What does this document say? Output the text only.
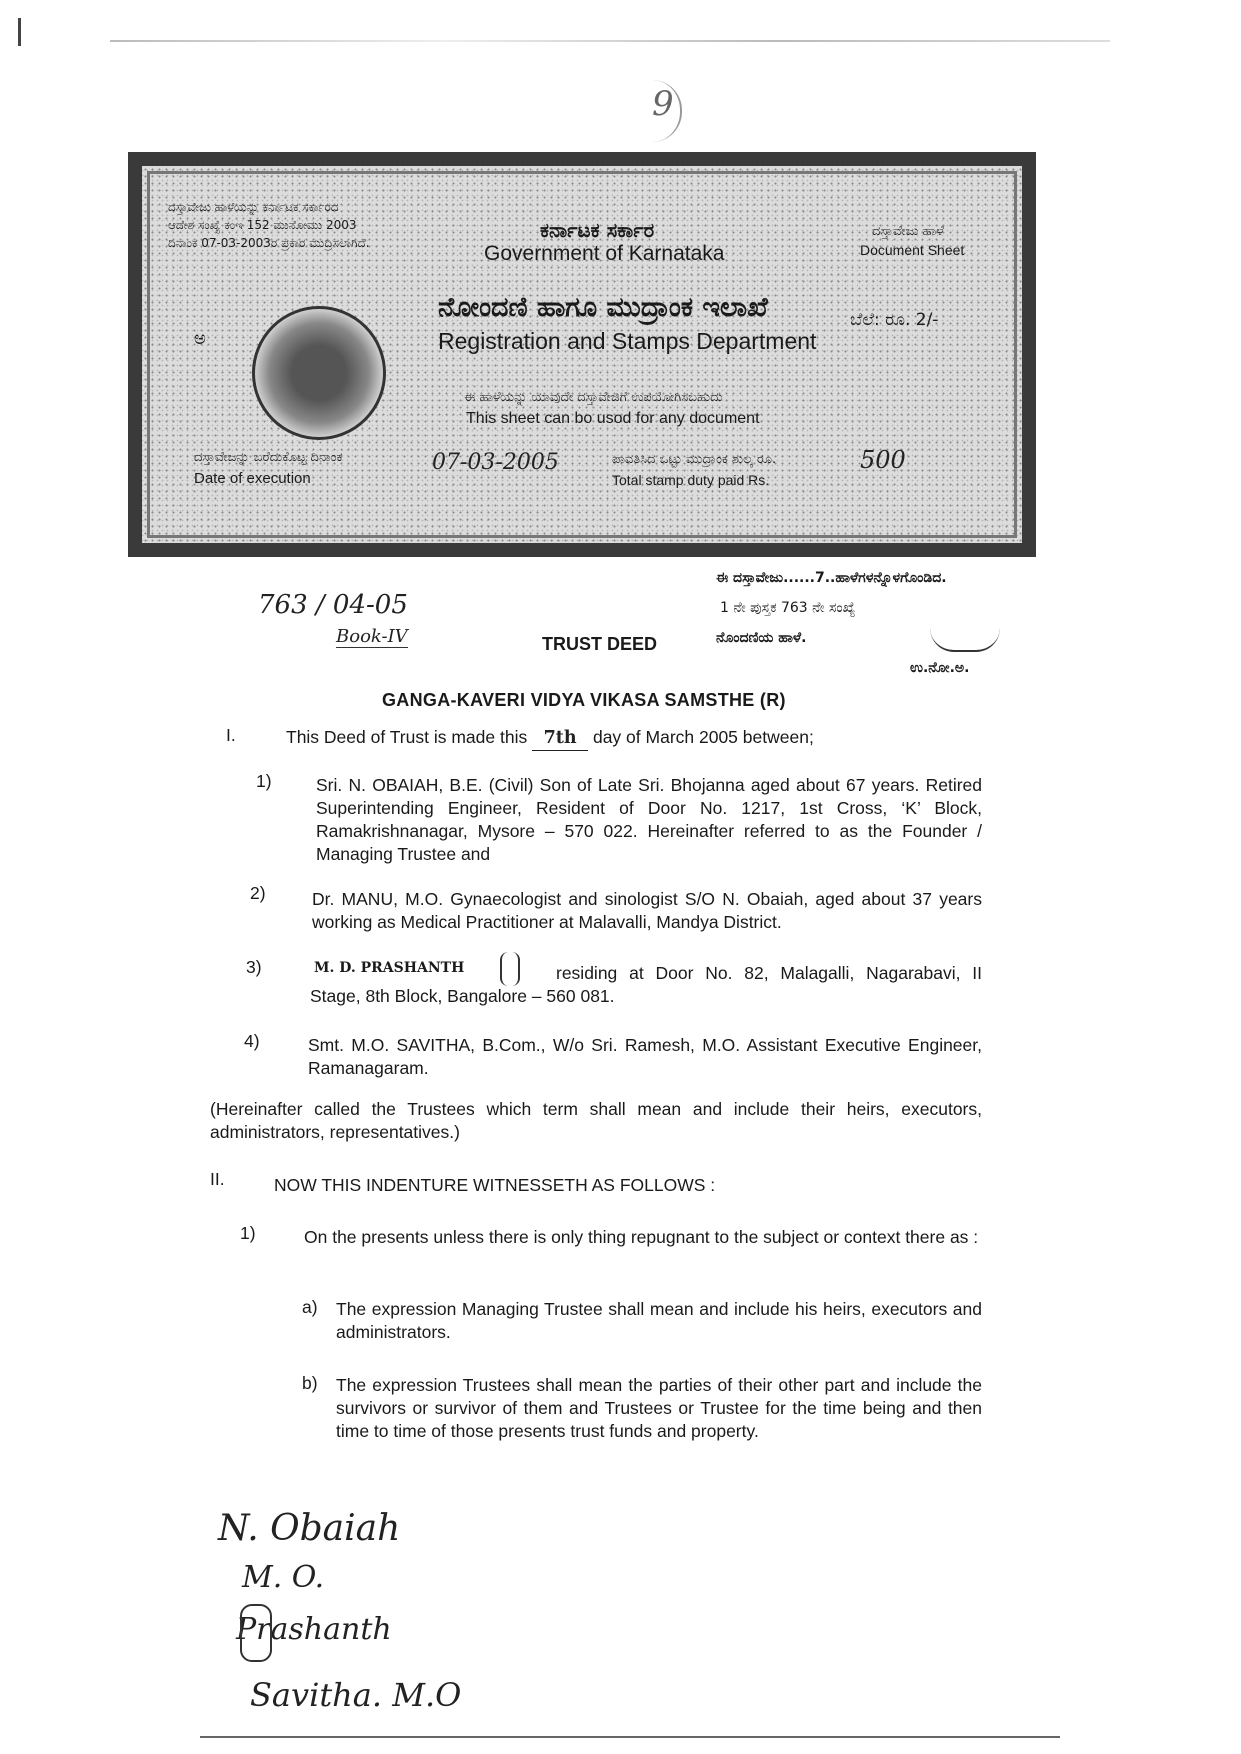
9
ದಸ್ತಾವೇಜು ಹಾಳೆಯನ್ನು ಕರ್ನಾಟಕ ಸರ್ಕಾರದ
ಆದೇಶ ಸಂಖ್ಯೆ ಕಂಇ 152 ಮುನೋಮು 2003
ದಿನಾಂಕ 07-03-2003ರ ಪ್ರಕಾರ ಮುದ್ರಿಸಲಾಗಿದೆ.
ಕರ್ನಾಟಕ ಸರ್ಕಾರ
Government of Karnataka
ದಸ್ತಾವೇಜು ಹಾಳೆ
Document Sheet
ಅ
ನೋಂದಣಿ ಹಾಗೂ ಮುದ್ರಾಂಕ ಇಲಾಖೆ
Registration and Stamps Department
ಬೆಲೆ: ರೂ. 2/-
ಈ ಹಾಳೆಯನ್ನು ಯಾವುದೇ ದಸ್ತಾವೇಜಿಗೆ ಉಪಯೋಗಿಸಬಹುದು
This sheet can bo usod for any document
ದಸ್ತಾವೇಜನ್ನು ಬರೆದುಕೊಟ್ಟ ದಿನಾಂಕ
Date of execution
07-03-2005	ಪಾವತಿಸಿದ ಒಟ್ಟು ಮುದ್ರಾಂಕ ಶುಲ್ಕ ರೂ.
Total stamp duty paid Rs.
500
763 / 04-05
Book-IV
ಈ ದಸ್ತಾವೇಜು......7..ಹಾಳೆಗಳನ್ನೊಳಗೊಂಡಿದ.
1 ನೇ ಪುಸ್ತಕ 763 ನೇ ಸಂಖ್ಯೆ
ನೊಂದಣಿಯ ಹಾಳೆ.
ಉ.ನೋ.ಅ.
TRUST DEED
GANGA-KAVERI VIDYA VIKASA SAMSTHE (R)
I.	This Deed of Trust is made this 7th day of March 2005 between;
1)	Sri. N. OBAIAH, B.E. (Civil) Son of Late Sri. Bhojanna aged about 67 years. Retired Superintending Engineer, Resident of Door No. 1217, 1st Cross, ‘K’ Block, Ramakrishnanagar, Mysore – 570 022. Hereinafter referred to as the Founder / Managing Trustee and
2)	Dr. MANU, M.O. Gynaecologist and sinologist S/O N. Obaiah, aged about 37 years working as Medical Practitioner at Malavalli, Mandya District.
3)	M. D. PRASHANTH	residing at Door No. 82, Malagalli, Nagarabavi, II Stage, 8th Block, Bangalore – 560 081.
4)	Smt. M.O. SAVITHA, B.Com., W/o Sri. Ramesh, M.O. Assistant Executive Engineer, Ramanagaram.
(Hereinafter called the Trustees which term shall mean and include their heirs, executors, administrators, representatives.)
II.	NOW THIS INDENTURE WITNESSETH AS FOLLOWS :
1)	On the presents unless there is only thing repugnant to the subject or context there as :
a) The expression Managing Trustee shall mean and include his heirs, executors and administrators.
b) The expression Trustees shall mean the parties of their other part and include the survivors or survivor of them and Trustees or Trustee for the time being and then time to time of those presents trust funds and property.
N. Obaiah
M. O.
Prashanth
Savitha. M.O
